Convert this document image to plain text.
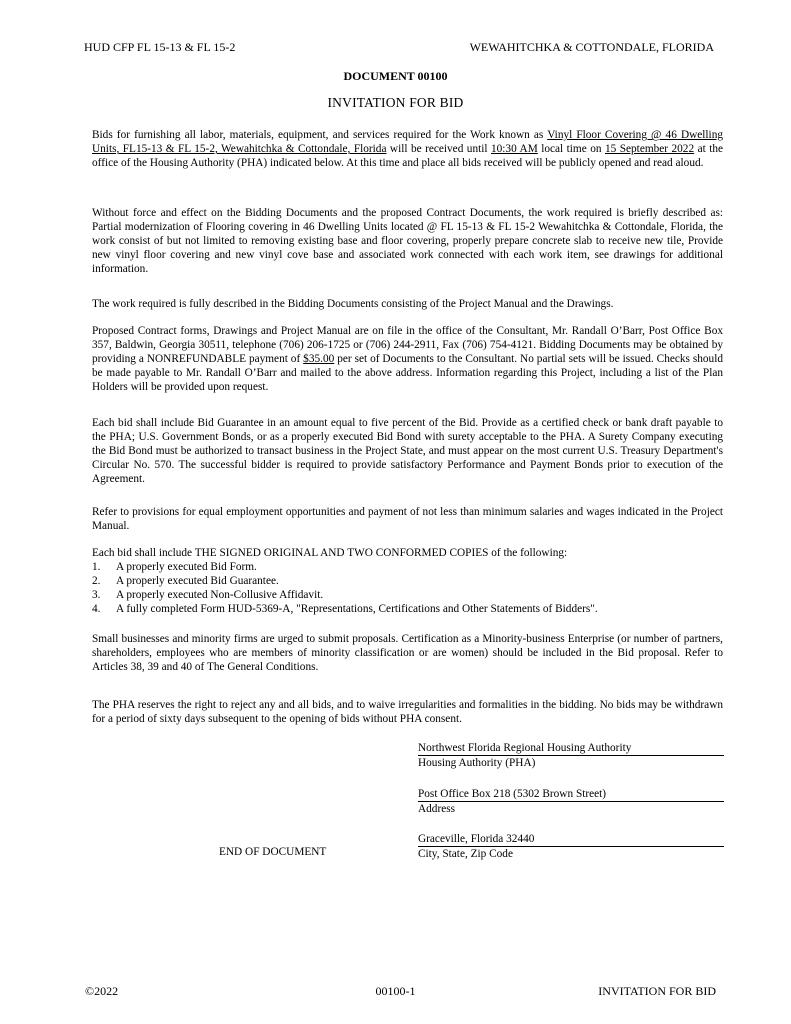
HUD CFP FL 15-13 & FL 15-2	WEWAHITCHKA & COTTONDALE, FLORIDA
DOCUMENT 00100
INVITATION FOR BID

Bids for furnishing all labor, materials, equipment, and services required for the Work known as Vinyl Floor Covering @ 46 Dwelling Units, FL15-13 & FL 15-2, Wewahitchka & Cottondale, Florida will be received until 10:30 AM local time on 15 September 2022 at the office of the Housing Authority (PHA) indicated below. At this time and place all bids received will be publicly opened and read aloud.

Without force and effect on the Bidding Documents and the proposed Contract Documents, the work required is briefly described as: Partial modernization of Flooring covering in 46 Dwelling Units located @ FL 15-13 & FL 15-2 Wewahitchka & Cottondale, Florida, the work consist of but not limited to removing existing base and floor covering, properly prepare concrete slab to receive new tile, Provide new vinyl floor covering and new vinyl cove base and associated work connected with each work item, see drawings for additional information.

The work required is fully described in the Bidding Documents consisting of the Project Manual and the Drawings.

Proposed Contract forms, Drawings and Project Manual are on file in the office of the Consultant, Mr. Randall O’Barr, Post Office Box 357, Baldwin, Georgia 30511, telephone (706) 206-1725 or (706) 244-2911, Fax (706) 754-4121. Bidding Documents may be obtained by providing a NONREFUNDABLE payment of $35.00 per set of Documents to the Consultant. No partial sets will be issued. Checks should be made payable to Mr. Randall O’Barr and mailed to the above address. Information regarding this Project, including a list of the Plan Holders will be provided upon request.

Each bid shall include Bid Guarantee in an amount equal to five percent of the Bid. Provide as a certified check or bank draft payable to the PHA; U.S. Government Bonds, or as a properly executed Bid Bond with surety acceptable to the PHA. A Surety Company executing the Bid Bond must be authorized to transact business in the Project State, and must appear on the most current U.S. Treasury Department's Circular No. 570. The successful bidder is required to provide satisfactory Performance and Payment Bonds prior to execution of the Agreement.

Refer to provisions for equal employment opportunities and payment of not less than minimum salaries and wages indicated in the Project Manual.

Each bid shall include THE SIGNED ORIGINAL AND TWO CONFORMED COPIES of the following:

1. A properly executed Bid Form.
2. A properly executed Bid Guarantee.
3. A properly executed Non-Collusive Affidavit.
4. A fully completed Form HUD-5369-A, "Representations, Certifications and Other Statements of Bidders".

Small businesses and minority firms are urged to submit proposals. Certification as a Minority-business Enterprise (or number of partners, shareholders, employees who are members of minority classification or are women) should be included in the Bid proposal. Refer to Articles 38, 39 and 40 of The General Conditions.

The PHA reserves the right to reject any and all bids, and to waive irregularities and formalities in the bidding. No bids may be withdrawn for a period of sixty days subsequent to the opening of bids without PHA consent.

Northwest Florida Regional Housing Authority
Housing Authority (PHA)
Post Office Box 218 (5302 Brown Street)
Address
Graceville, Florida 32440
City, State, Zip Code
END OF DOCUMENT
©2022	00100-1	INVITATION FOR BID
